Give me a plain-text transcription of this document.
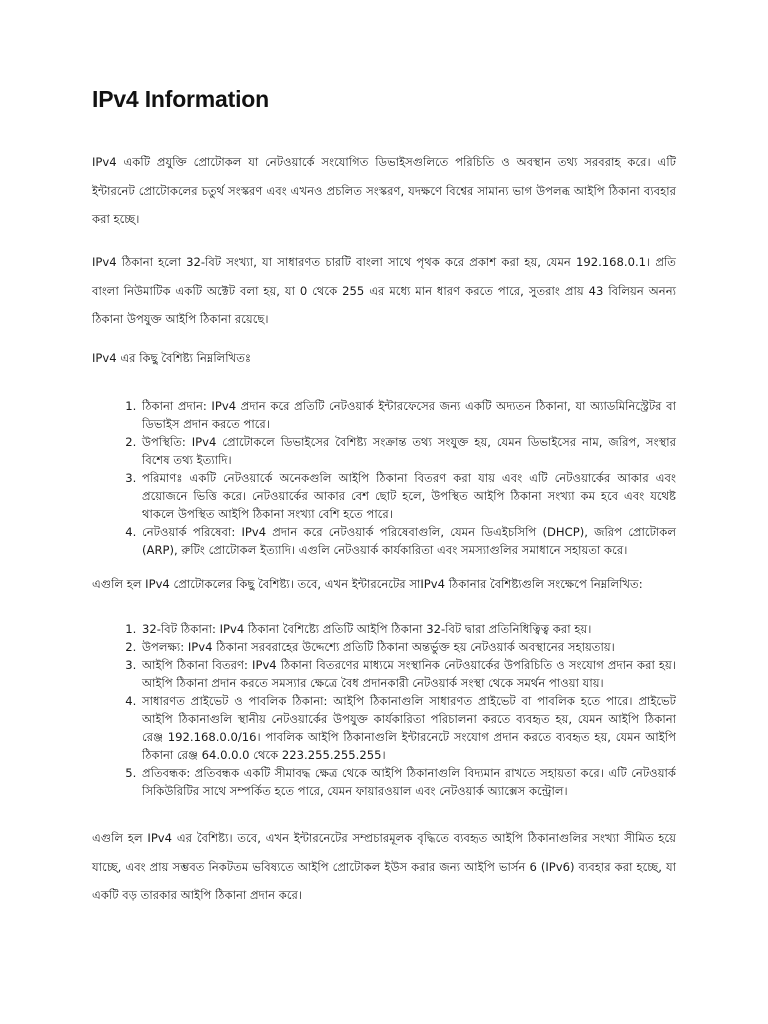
IPv4 Information

IPv4 একটি প্রযুক্তি প্রোটোকল যা নেটওয়ার্কে সংযোগিত ডিভাইসগুলিতে পরিচিতি ও অবস্থান তথ্য সরবরাহ করে। এটি ইন্টারনেট প্রোটোকলের চতুর্থ সংস্করণ এবং এখনও প্রচলিত সংস্করণ, যদক্ষণে বিশ্বের সামান্য ভাগ উপলব্ধ আইপি ঠিকানা ব্যবহার করা হচ্ছে।

IPv4 ঠিকানা হলো 32-বিট সংখ্যা, যা সাধারণত চারটি বাংলা সাথে পৃথক করে প্রকাশ করা হয়, যেমন 192.168.0.1। প্রতি বাংলা নিউমাটিক একটি অক্টেট বলা হয়, যা 0 থেকে 255 এর মধ্যে মান ধারণ করতে পারে, সুতরাং প্রায় 43 বিলিয়ন অনন্য ঠিকানা উপযুক্ত আইপি ঠিকানা রয়েছে।

IPv4 এর কিছু বৈশিষ্ট্য নিম্নলিখিতঃ

1. ঠিকানা প্রদান: IPv4 প্রদান করে প্রতিটি নেটওয়ার্ক ইন্টারফেসের জন্য একটি অদ্যতন ঠিকানা, যা অ্যাডমিনিস্ট্রেটর বা ডিভাইস প্রদান করতে পারে।
2. উপস্থিতি: IPv4 প্রোটোকলে ডিভাইসের বৈশিষ্ট্য সংক্রান্ত তথ্য সংযুক্ত হয়, যেমন ডিভাইসের নাম, জরিপ, সংস্থার বিশেষ তথ্য ইত্যাদি।
3. পরিমাণঃ একটি নেটওয়ার্কে অনেকগুলি আইপি ঠিকানা বিতরণ করা যায় এবং এটি নেটওয়ার্কের আকার এবং প্রয়োজনে ভিত্তি করে। নেটওয়ার্কের আকার বেশ ছোট হলে, উপস্থিত আইপি ঠিকানা সংখ্যা কম হবে এবং যথেষ্ট থাকলে উপস্থিত আইপি ঠিকানা সংখ্যা বেশি হতে পারে।
4. নেটওয়ার্ক পরিষেবা: IPv4 প্রদান করে নেটওয়ার্ক পরিষেবাগুলি, যেমন ডিএইচসিপি (DHCP), জরিপ প্রোটোকল (ARP), রুটিং প্রোটোকল ইত্যাদি। এগুলি নেটওয়ার্ক কার্যকারিতা এবং সমস্যাগুলির সমাধানে সহায়তা করে।

এগুলি হল IPv4 প্রোটোকলের কিছু বৈশিষ্ট্য। তবে, এখন ইন্টারনেটের সাIPv4 ঠিকানার বৈশিষ্ট্যগুলি সংক্ষেপে নিম্নলিখিত:

1. 32-বিট ঠিকানা: IPv4 ঠিকানা বৈশিষ্ট্যে প্রতিটি আইপি ঠিকানা 32-বিট দ্বারা প্রতিনিধিত্বিত্ব করা হয়।
2. উপলক্ষ্য: IPv4 ঠিকানা সরবরাহের উদ্দেশ্যে প্রতিটি ঠিকানা অন্তর্ভুক্ত হয় নেটওয়ার্ক অবস্থানের সহায়তায়।
3. আইপি ঠিকানা বিতরণ: IPv4 ঠিকানা বিতরণের মাধ্যমে সংস্থানিক নেটওয়ার্কের উপরিচিতি ও সংযোগ প্রদান করা হয়। আইপি ঠিকানা প্রদান করতে সমস্যার ক্ষেত্রে বৈধ প্রদানকারী নেটওয়ার্ক সংস্থা থেকে সমর্থন পাওয়া যায়।
4. সাধারণত প্রাইভেট ও পাবলিক ঠিকানা: আইপি ঠিকানাগুলি সাধারণত প্রাইভেট বা পাবলিক হতে পারে। প্রাইভেট আইপি ঠিকানাগুলি স্থানীয় নেটওয়ার্কের উপযুক্ত কার্যকারিতা পরিচালনা করতে ব্যবহৃত হয়, যেমন আইপি ঠিকানা রেঞ্জ 192.168.0.0/16। পাবলিক আইপি ঠিকানাগুলি ইন্টারনেটে সংযোগ প্রদান করতে ব্যবহৃত হয়, যেমন আইপি ঠিকানা রেঞ্জ 64.0.0.0 থেকে 223.255.255.255।
5. প্রতিবন্ধক: প্রতিবন্ধক একটি সীমাবদ্ধ ক্ষেত্র থেকে আইপি ঠিকানাগুলি বিদ্যমান রাখতে সহায়তা করে। এটি নেটওয়ার্ক সিকিউরিটির সাথে সম্পর্কিত হতে পারে, যেমন ফায়ারওয়াল এবং নেটওয়ার্ক অ্যাক্সেস কন্ট্রোল।

এগুলি হল IPv4 এর বৈশিষ্ট্য। তবে, এখন ইন্টারনেটের সম্প্রচারমূলক বৃদ্ধিতে ব্যবহৃত আইপি ঠিকানাগুলির সংখ্যা সীমিত হয়ে যাচ্ছে, এবং প্রায় সম্ভবত নিকটতম ভবিষ্যতে আইপি প্রোটোকল ইউস করার জন্য আইপি ভার্সন 6 (IPv6) ব্যবহার করা হচ্ছে, যা একটি বড় তারকার আইপি ঠিকানা প্রদান করে।
